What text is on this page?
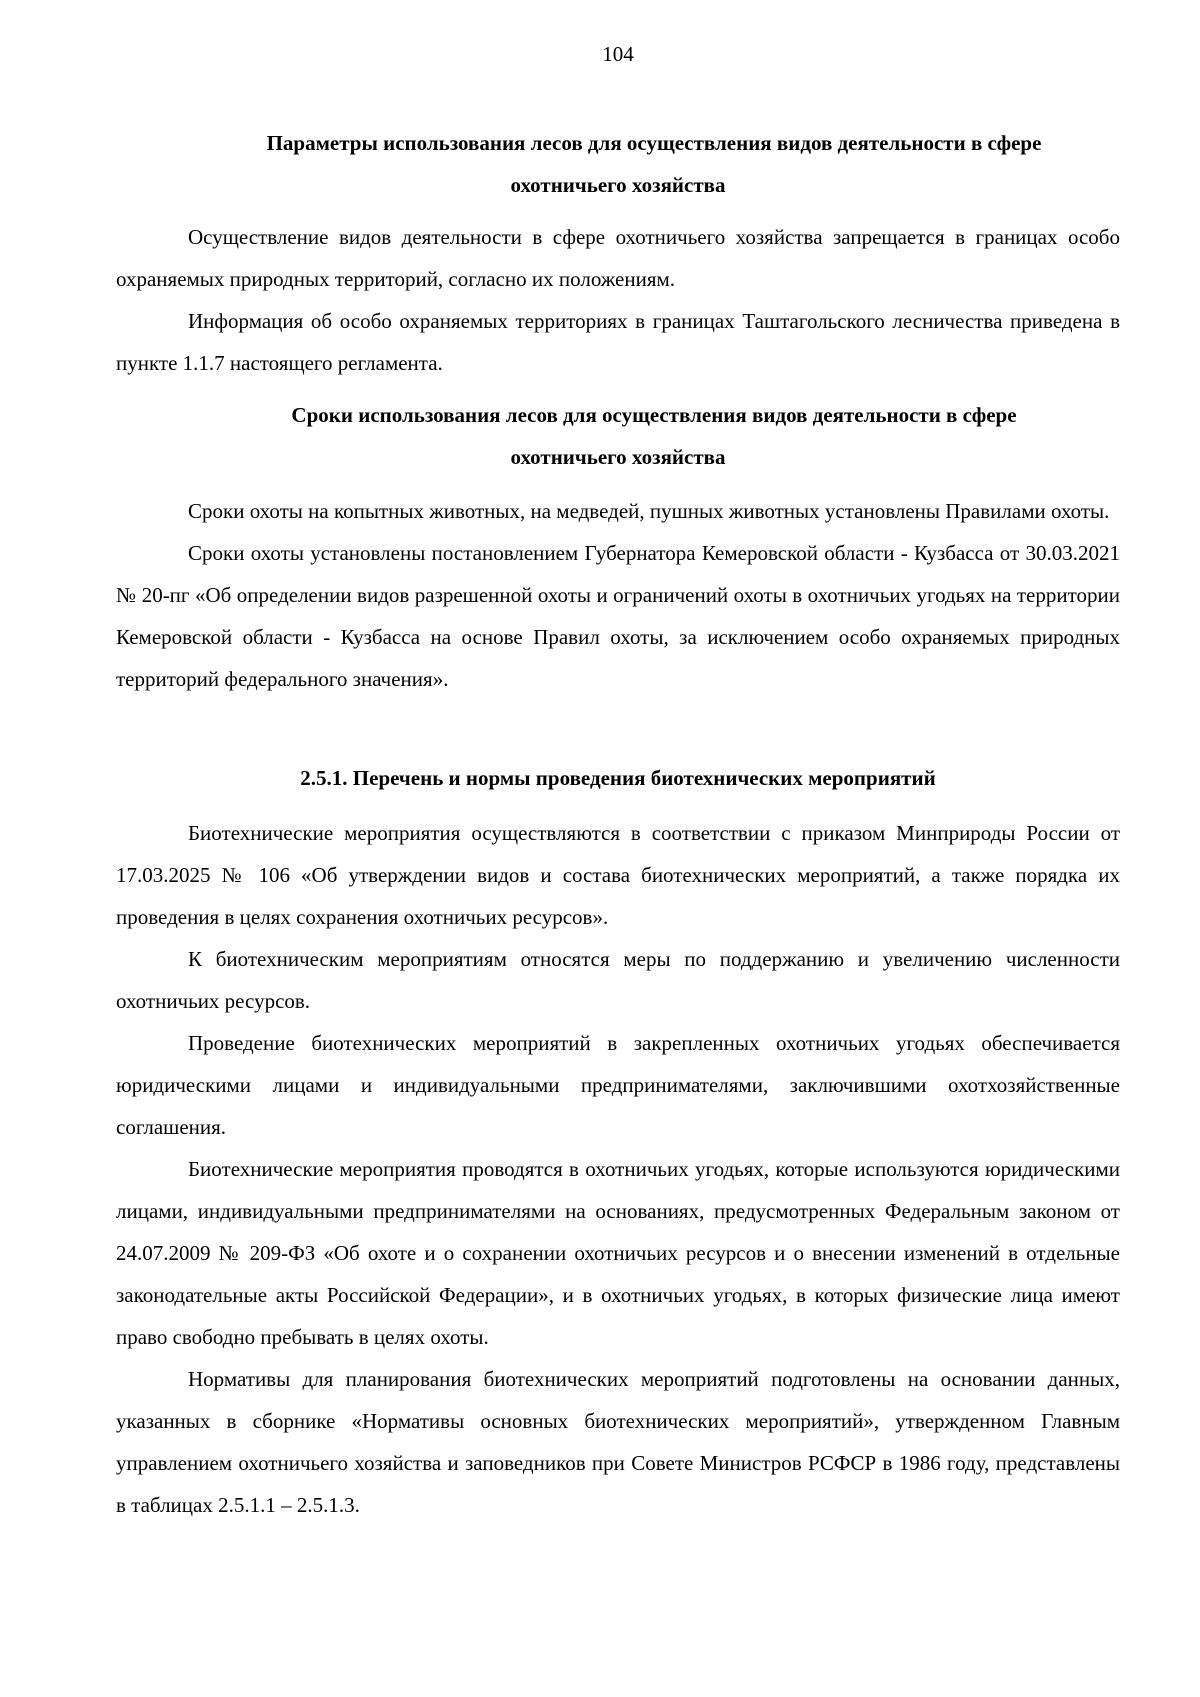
104

Параметры использования лесов для осуществления видов деятельности в сфере

охотничьего хозяйства

Осуществление видов деятельности в сфере охотничьего хозяйства запрещается в границах особо охраняемых природных территорий, согласно их положениям.

Информация об особо охраняемых территориях в границах Таштагольского лесничества приведена в пункте 1.1.7 настоящего регламента.

Сроки использования лесов для осуществления видов деятельности в сфере

охотничьего хозяйства

Сроки охоты на копытных животных, на медведей, пушных животных установлены Правилами охоты.

Сроки охоты установлены постановлением Губернатора Кемеровской области - Кузбасса от 30.03.2021 № 20-пг «Об определении видов разрешенной охоты и ограничений охоты в охотничьих угодьях на территории Кемеровской области - Кузбасса на основе Правил охоты, за исключением особо охраняемых природных территорий федерального значения».

2.5.1. Перечень и нормы проведения биотехнических мероприятий

Биотехнические мероприятия осуществляются в соответствии с приказом Минприроды России от 17.03.2025 № 106 «Об утверждении видов и состава биотехнических мероприятий, а также порядка их проведения в целях сохранения охотничьих ресурсов».

К биотехническим мероприятиям относятся меры по поддержанию и увеличению численности охотничьих ресурсов.

Проведение биотехнических мероприятий в закрепленных охотничьих угодьях обеспечивается юридическими лицами и индивидуальными предпринимателями, заключившими охотхозяйственные соглашения.

Биотехнические мероприятия проводятся в охотничьих угодьях, которые используются юридическими лицами, индивидуальными предпринимателями на основаниях, предусмотренных Федеральным законом от 24.07.2009 № 209-ФЗ «Об охоте и о сохранении охотничьих ресурсов и о внесении изменений в отдельные законодательные акты Российской Федерации», и в охотничьих угодьях, в которых физические лица имеют право свободно пребывать в целях охоты.

Нормативы для планирования биотехнических мероприятий подготовлены на основании данных, указанных в сборнике «Нормативы основных биотехнических мероприятий», утвержденном Главным управлением охотничьего хозяйства и заповедников при Совете Министров РСФСР в 1986 году, представлены в таблицах 2.5.1.1 – 2.5.1.3.
